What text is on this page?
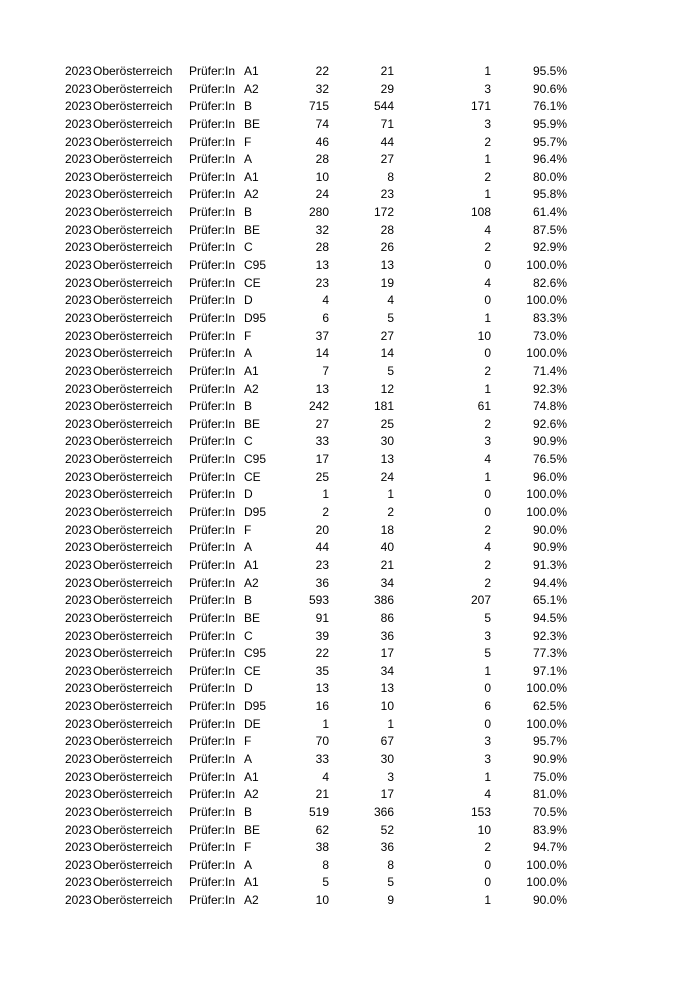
2023 Oberösterreich Prüfer:In A1	22	21	1	95.5%
2023 Oberösterreich Prüfer:In A2	32	29	3	90.6%
2023 Oberösterreich Prüfer:In B	715	544	171	76.1%
2023 Oberösterreich Prüfer:In BE	74	71	3	95.9%
2023 Oberösterreich Prüfer:In F	46	44	2	95.7%
2023 Oberösterreich Prüfer:In A	28	27	1	96.4%
2023 Oberösterreich Prüfer:In A1	10	8	2	80.0%
2023 Oberösterreich Prüfer:In A2	24	23	1	95.8%
2023 Oberösterreich Prüfer:In B	280	172	108	61.4%
2023 Oberösterreich Prüfer:In BE	32	28	4	87.5%
2023 Oberösterreich Prüfer:In C	28	26	2	92.9%
2023 Oberösterreich Prüfer:In C95	13	13	0	100.0%
2023 Oberösterreich Prüfer:In CE	23	19	4	82.6%
2023 Oberösterreich Prüfer:In D	4	4	0	100.0%
2023 Oberösterreich Prüfer:In D95	6	5	1	83.3%
2023 Oberösterreich Prüfer:In F	37	27	10	73.0%
2023 Oberösterreich Prüfer:In A	14	14	0	100.0%
2023 Oberösterreich Prüfer:In A1	7	5	2	71.4%
2023 Oberösterreich Prüfer:In A2	13	12	1	92.3%
2023 Oberösterreich Prüfer:In B	242	181	61	74.8%
2023 Oberösterreich Prüfer:In BE	27	25	2	92.6%
2023 Oberösterreich Prüfer:In C	33	30	3	90.9%
2023 Oberösterreich Prüfer:In C95	17	13	4	76.5%
2023 Oberösterreich Prüfer:In CE	25	24	1	96.0%
2023 Oberösterreich Prüfer:In D	1	1	0	100.0%
2023 Oberösterreich Prüfer:In D95	2	2	0	100.0%
2023 Oberösterreich Prüfer:In F	20	18	2	90.0%
2023 Oberösterreich Prüfer:In A	44	40	4	90.9%
2023 Oberösterreich Prüfer:In A1	23	21	2	91.3%
2023 Oberösterreich Prüfer:In A2	36	34	2	94.4%
2023 Oberösterreich Prüfer:In B	593	386	207	65.1%
2023 Oberösterreich Prüfer:In BE	91	86	5	94.5%
2023 Oberösterreich Prüfer:In C	39	36	3	92.3%
2023 Oberösterreich Prüfer:In C95	22	17	5	77.3%
2023 Oberösterreich Prüfer:In CE	35	34	1	97.1%
2023 Oberösterreich Prüfer:In D	13	13	0	100.0%
2023 Oberösterreich Prüfer:In D95	16	10	6	62.5%
2023 Oberösterreich Prüfer:In DE	1	1	0	100.0%
2023 Oberösterreich Prüfer:In F	70	67	3	95.7%
2023 Oberösterreich Prüfer:In A	33	30	3	90.9%
2023 Oberösterreich Prüfer:In A1	4	3	1	75.0%
2023 Oberösterreich Prüfer:In A2	21	17	4	81.0%
2023 Oberösterreich Prüfer:In B	519	366	153	70.5%
2023 Oberösterreich Prüfer:In BE	62	52	10	83.9%
2023 Oberösterreich Prüfer:In F	38	36	2	94.7%
2023 Oberösterreich Prüfer:In A	8	8	0	100.0%
2023 Oberösterreich Prüfer:In A1	5	5	0	100.0%
2023 Oberösterreich Prüfer:In A2	10	9	1	90.0%
